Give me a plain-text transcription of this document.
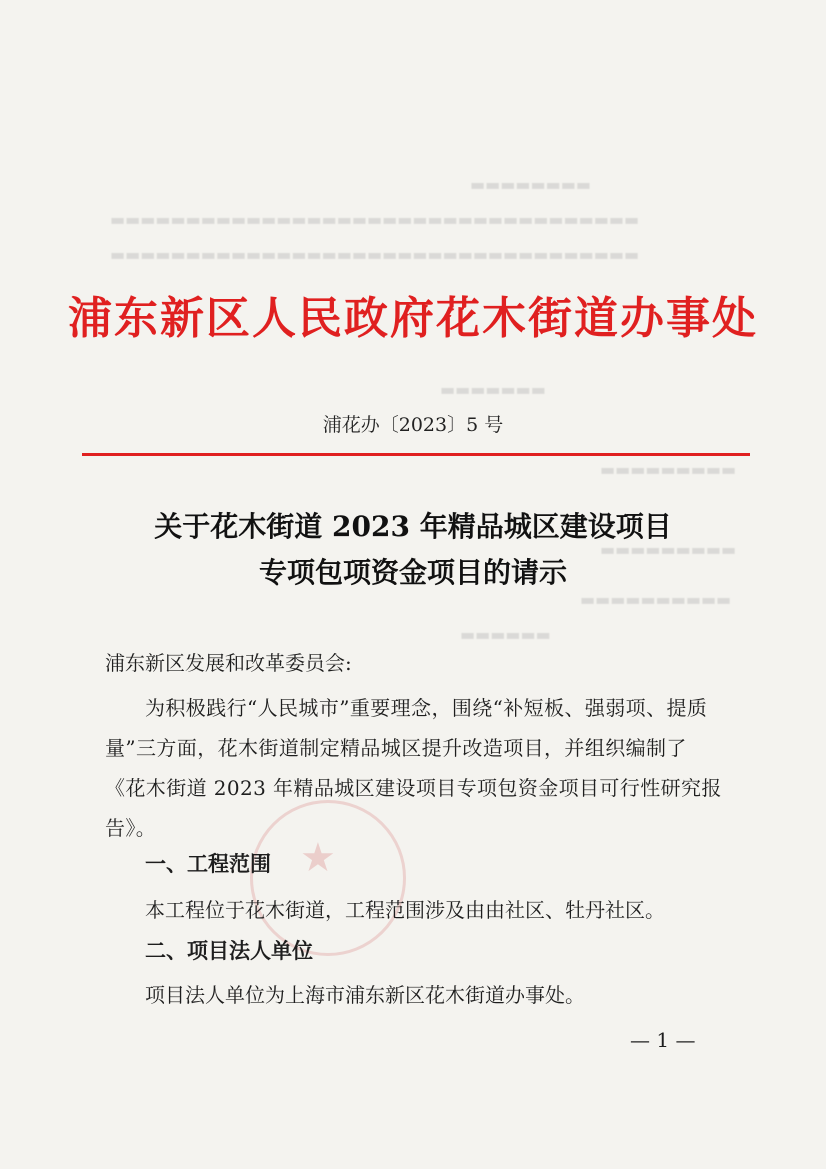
▬▬▬▬▬▬▬▬
▬▬▬▬▬▬▬▬▬▬▬▬▬▬▬▬▬▬▬▬▬▬▬▬▬▬▬▬▬▬▬▬▬▬▬
▬▬▬▬▬▬▬▬▬▬▬▬▬▬▬▬▬▬▬▬▬▬▬▬▬▬▬▬▬▬▬▬▬▬▬
▬▬▬▬▬▬▬
▬▬▬▬▬▬▬▬▬
▬▬▬▬▬▬▬▬▬
▬▬▬▬▬▬▬▬▬▬
▬▬▬▬▬▬
★
浦东新区人民政府花木街道办事处
浦花办〔2023〕5 号
关于花木街道 2023 年精品城区建设项目
专项包项资金项目的请示
浦东新区发展和改革委员会:
为积极践行“人民城市”重要理念，围绕“补短板、强弱项、提质量”三方面，花木街道制定精品城区提升改造项目，并组织编制了《花木街道 2023 年精品城区建设项目专项包资金项目可行性研究报告》。
一、工程范围
本工程位于花木街道，工程范围涉及由由社区、牡丹社区。
二、项目法人单位
项目法人单位为上海市浦东新区花木街道办事处。
— 1 —
